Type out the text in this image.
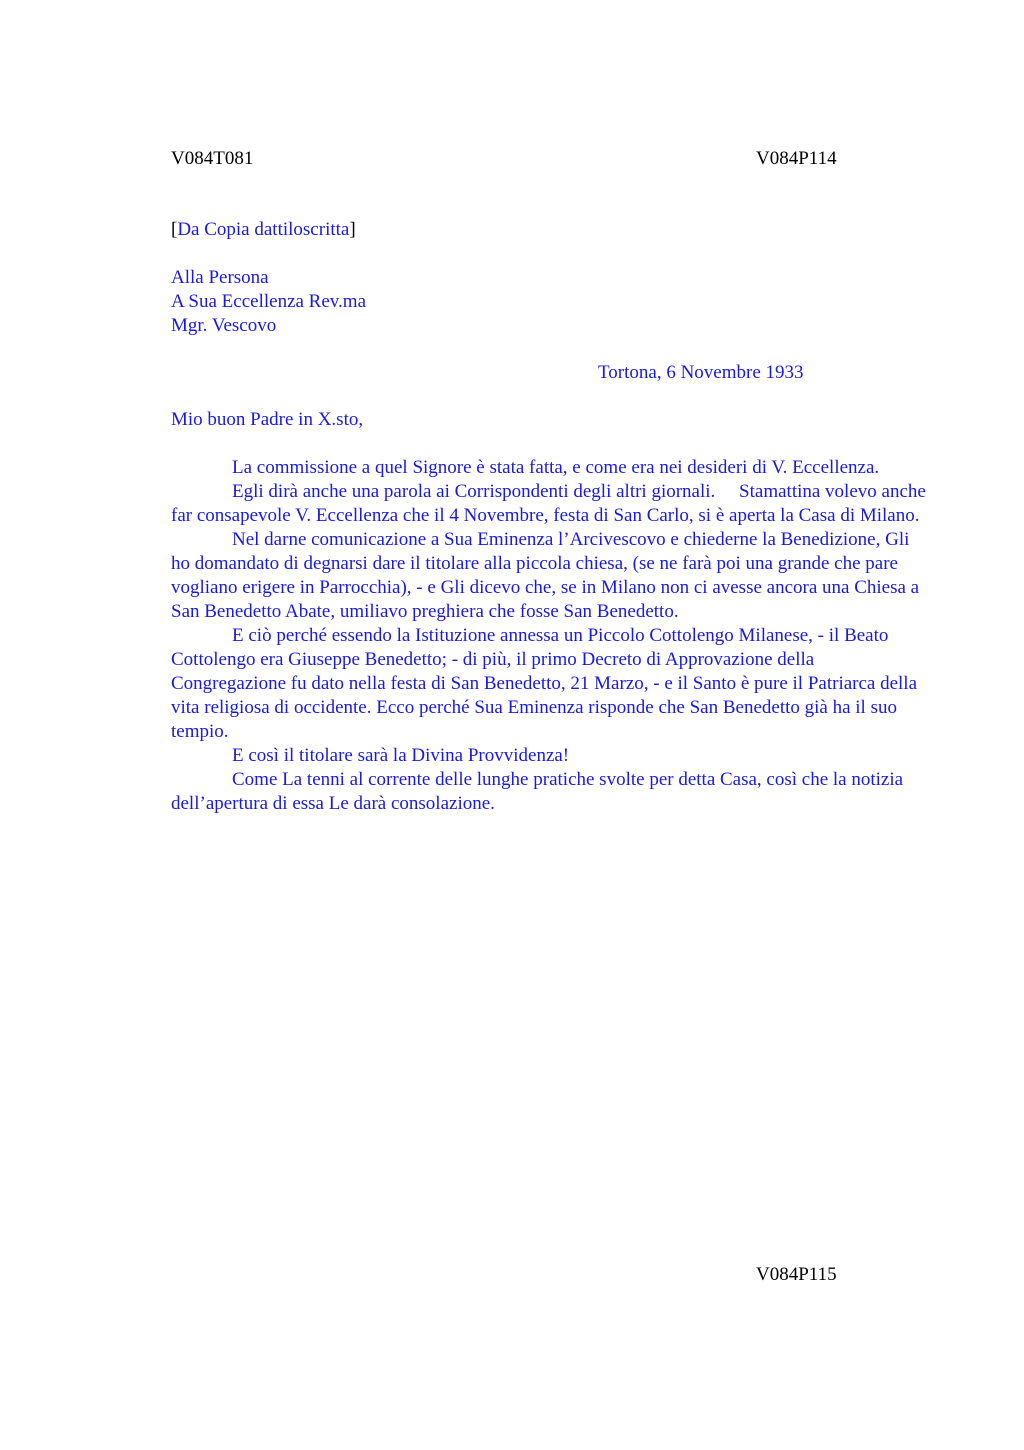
V084T081	V084P114
[Da Copia dattiloscritta]
Alla Persona
A Sua Eccellenza Rev.ma
Mgr. Vescovo
Tortona, 6 Novembre 1933
Mio buon Padre in X.sto,

La commissione a quel Signore è stata fatta, e come era nei desideri di V. Eccellenza.

Egli dirà anche una parola ai Corrispondenti degli altri giornali.     Stamattina volevo anche far consapevole V. Eccellenza che il 4 Novembre, festa di San Carlo, si è aperta la Casa di Milano.

Nel darne comunicazione a Sua Eminenza l’Arcivescovo e chiederne la Benedizione, Gli ho domandato di degnarsi dare il titolare alla piccola chiesa, (se ne farà poi una grande che pare vogliano erigere in Parrocchia), - e Gli dicevo che, se in Milano non ci avesse ancora una Chiesa a San Benedetto Abate, umiliavo preghiera che fosse San Benedetto.

E ciò perché essendo la Istituzione annessa un Piccolo Cottolengo Milanese, - il Beato Cottolengo era Giuseppe Benedetto; - di più, il primo Decreto di Approvazione della Congregazione fu dato nella festa di San Benedetto, 21 Marzo, - e il Santo è pure il Patriarca della vita religiosa di occidente. Ecco perché Sua Eminenza risponde che San Benedetto già ha il suo tempio.

E così il titolare sarà la Divina Provvidenza!

Come La tenni al corrente delle lunghe pratiche svolte per detta Casa, così che la notizia dell’apertura di essa Le darà consolazione.

V084P115
